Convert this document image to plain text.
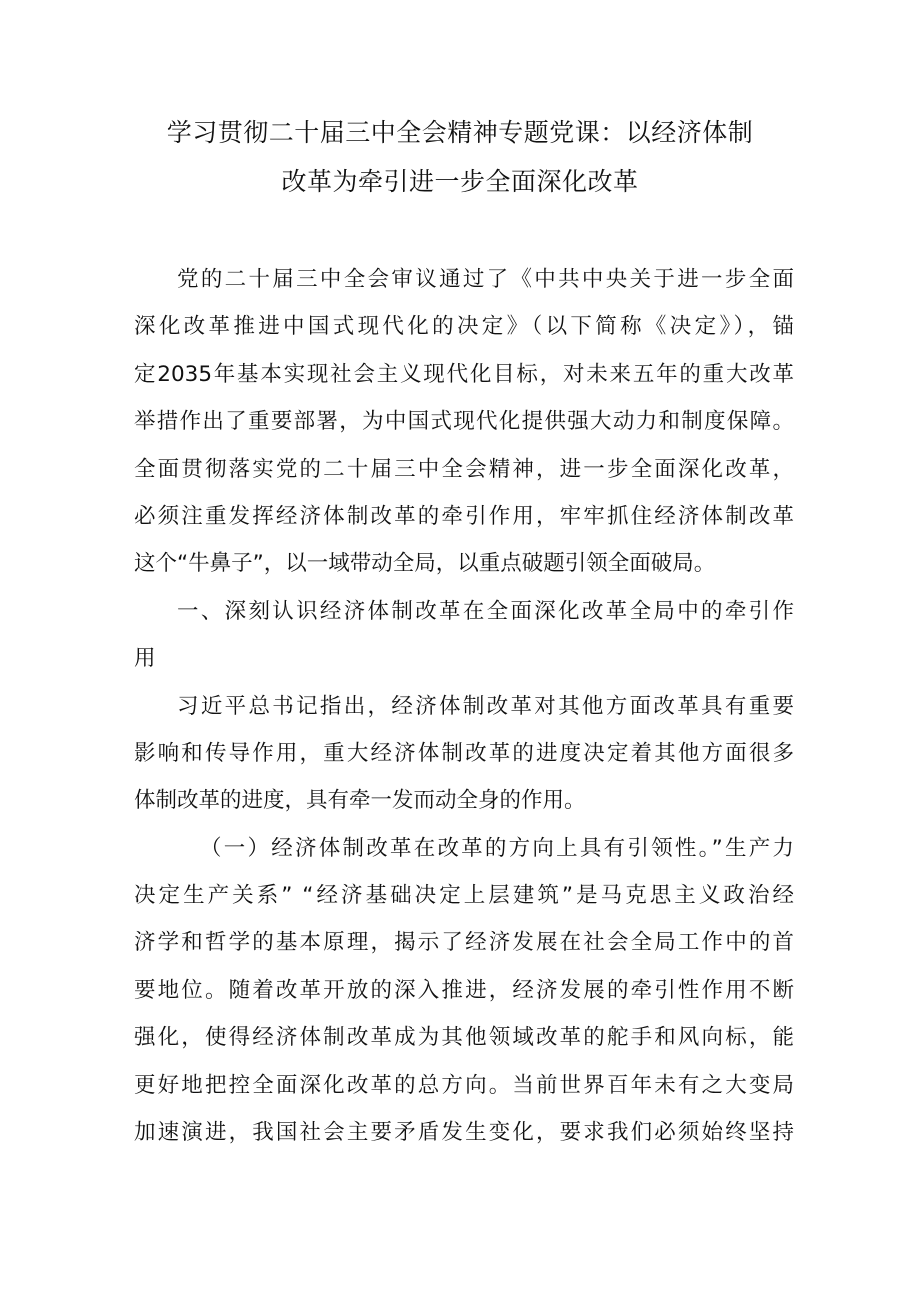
学习贯彻二十届三中全会精神专题党课：以经济体制
改革为牵引进一步全面深化改革
党的二十届三中全会审议通过了《中共中央关于进一步全面
深化改革推进中国式现代化的决定》（以下简称《决定》），锚
定2035年基本实现社会主义现代化目标，对未来五年的重大改革
举措作出了重要部署，为中国式现代化提供强大动力和制度保障。
全面贯彻落实党的二十届三中全会精神，进一步全面深化改革，
必须注重发挥经济体制改革的牵引作用，牢牢抓住经济体制改革
这个“牛鼻子”，以一域带动全局，以重点破题引领全面破局。
一、深刻认识经济体制改革在全面深化改革全局中的牵引作
用
习近平总书记指出，经济体制改革对其他方面改革具有重要
影响和传导作用，重大经济体制改革的进度决定着其他方面很多
体制改革的进度，具有牵一发而动全身的作用。
（一）经济体制改革在改革的方向上具有引领性。”生产力
决定生产关系” “经济基础决定上层建筑”是马克思主义政治经
济学和哲学的基本原理，揭示了经济发展在社会全局工作中的首
要地位。随着改革开放的深入推进，经济发展的牵引性作用不断
强化，使得经济体制改革成为其他领域改革的舵手和风向标，能
更好地把控全面深化改革的总方向。当前世界百年未有之大变局
加速演进，我国社会主要矛盾发生变化，要求我们必须始终坚持
